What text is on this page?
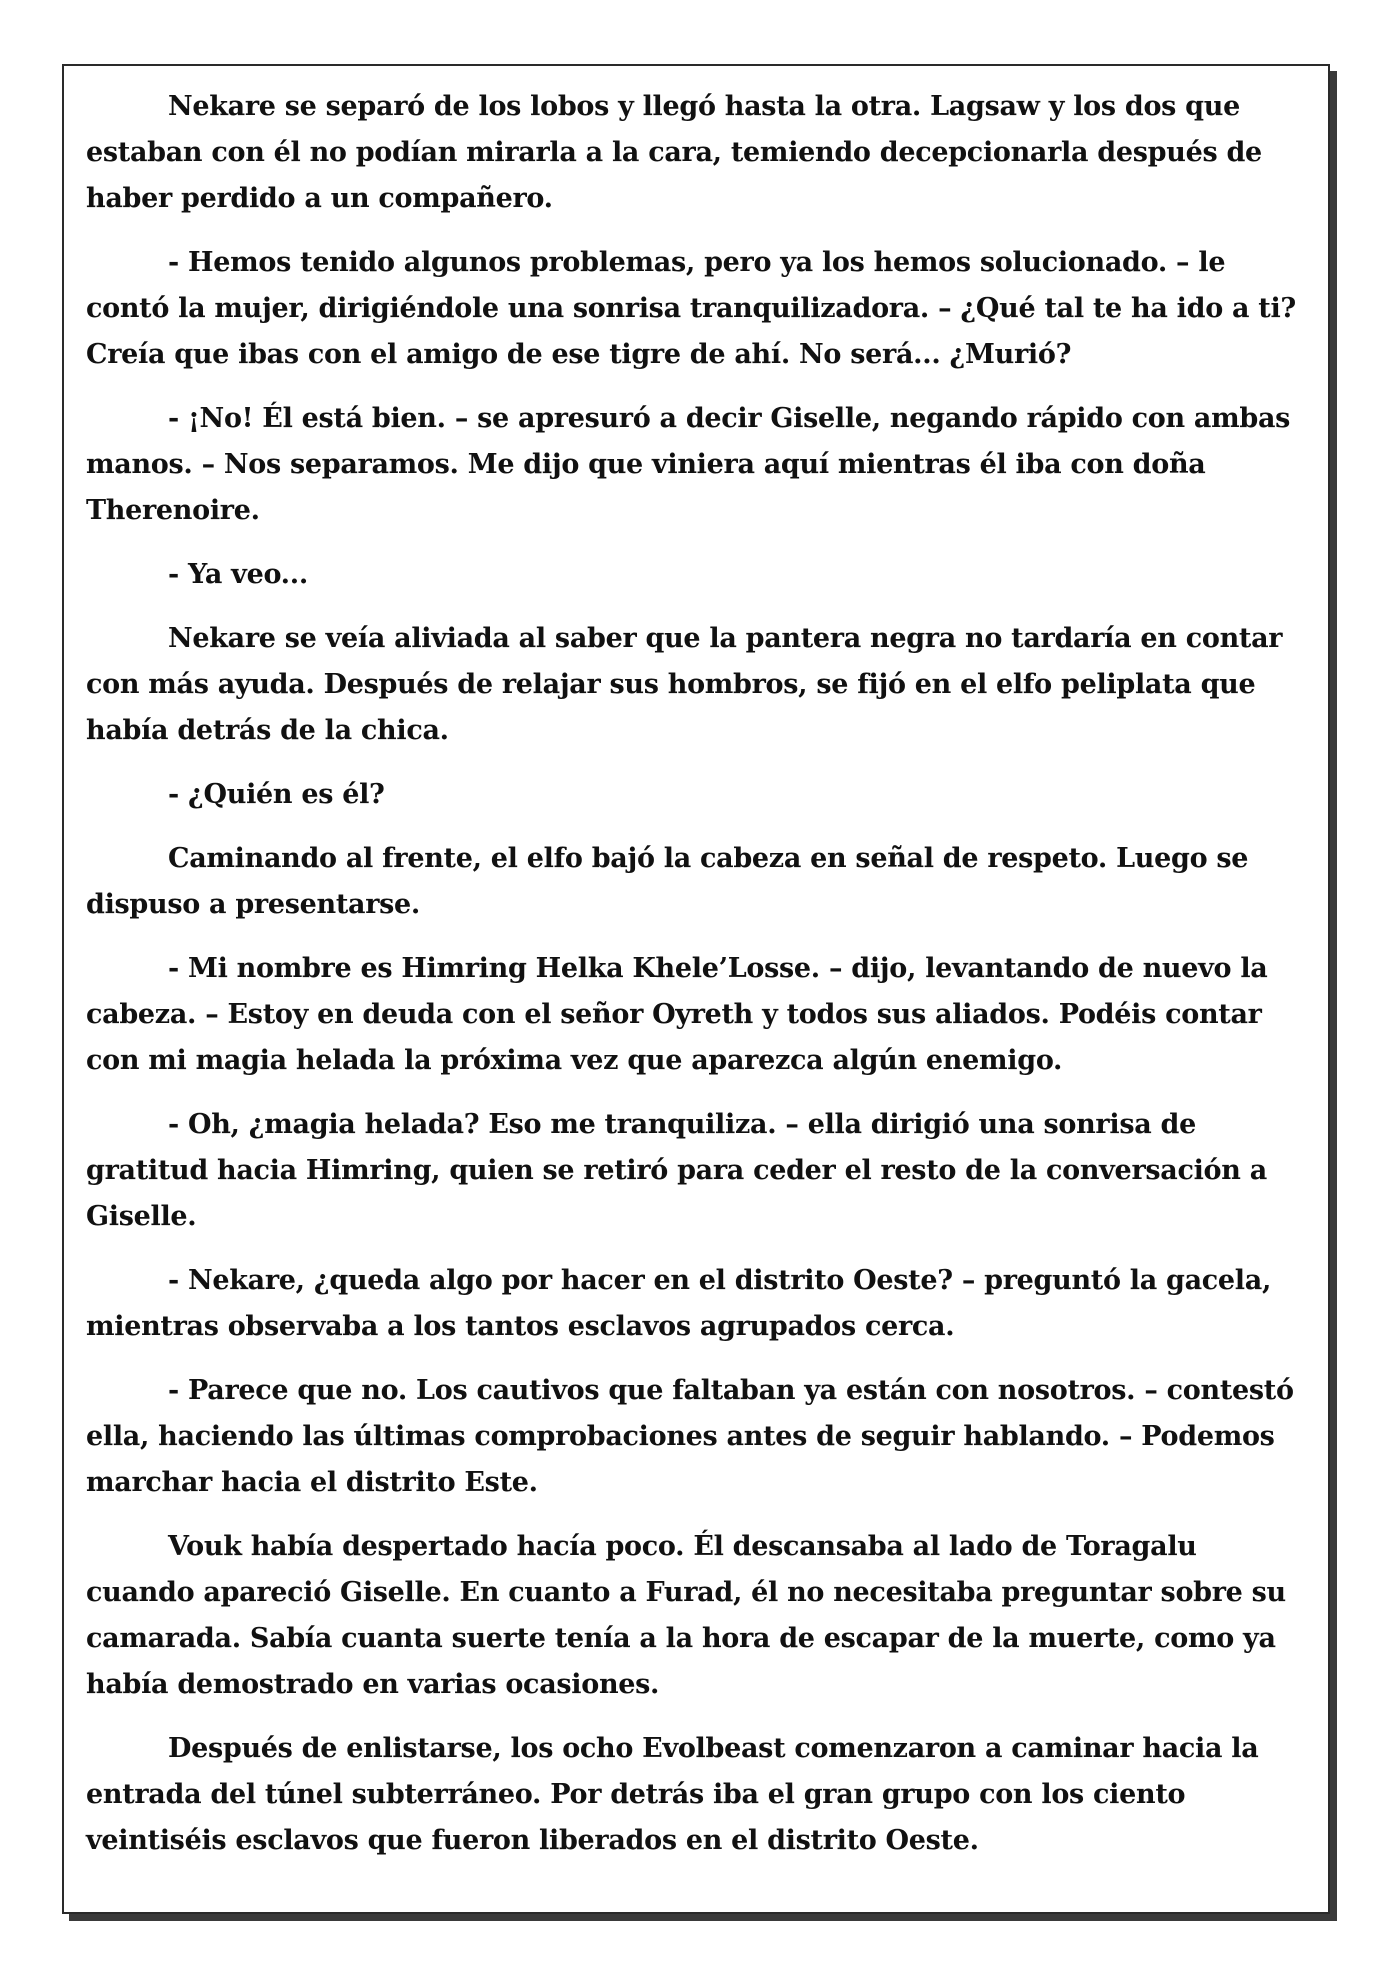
Nekare se separó de los lobos y llegó hasta la otra. Lagsaw y los dos que estaban con él no podían mirarla a la cara, temiendo decepcionarla después de haber perdido a un compañero.

- Hemos tenido algunos problemas, pero ya los hemos solucionado. – le contó la mujer, dirigiéndole una sonrisa tranquilizadora. – ¿Qué tal te ha ido a ti? Creía que ibas con el amigo de ese tigre de ahí. No será... ¿Murió?

- ¡No! Él está bien. – se apresuró a decir Giselle, negando rápido con ambas manos. – Nos separamos. Me dijo que viniera aquí mientras él iba con doña Therenoire.

- Ya veo...

Nekare se veía aliviada al saber que la pantera negra no tardaría en contar con más ayuda. Después de relajar sus hombros, se fijó en el elfo peliplata que había detrás de la chica.

- ¿Quién es él?

Caminando al frente, el elfo bajó la cabeza en señal de respeto. Luego se dispuso a presentarse.

- Mi nombre es Himring Helka Khele’Losse. – dijo, levantando de nuevo la cabeza. – Estoy en deuda con el señor Oyreth y todos sus aliados. Podéis contar con mi magia helada la próxima vez que aparezca algún enemigo.

- Oh, ¿magia helada? Eso me tranquiliza. – ella dirigió una sonrisa de gratitud hacia Himring, quien se retiró para ceder el resto de la conversación a Giselle.

- Nekare, ¿queda algo por hacer en el distrito Oeste? – preguntó la gacela, mientras observaba a los tantos esclavos agrupados cerca.

- Parece que no. Los cautivos que faltaban ya están con nosotros. – contestó ella, haciendo las últimas comprobaciones antes de seguir hablando. – Podemos marchar hacia el distrito Este.

Vouk había despertado hacía poco. Él descansaba al lado de Toragalu cuando apareció Giselle. En cuanto a Furad, él no necesitaba preguntar sobre su camarada. Sabía cuanta suerte tenía a la hora de escapar de la muerte, como ya había demostrado en varias ocasiones.

Después de enlistarse, los ocho Evolbeast comenzaron a caminar hacia la entrada del túnel subterráneo. Por detrás iba el gran grupo con los ciento veintiséis esclavos que fueron liberados en el distrito Oeste.
